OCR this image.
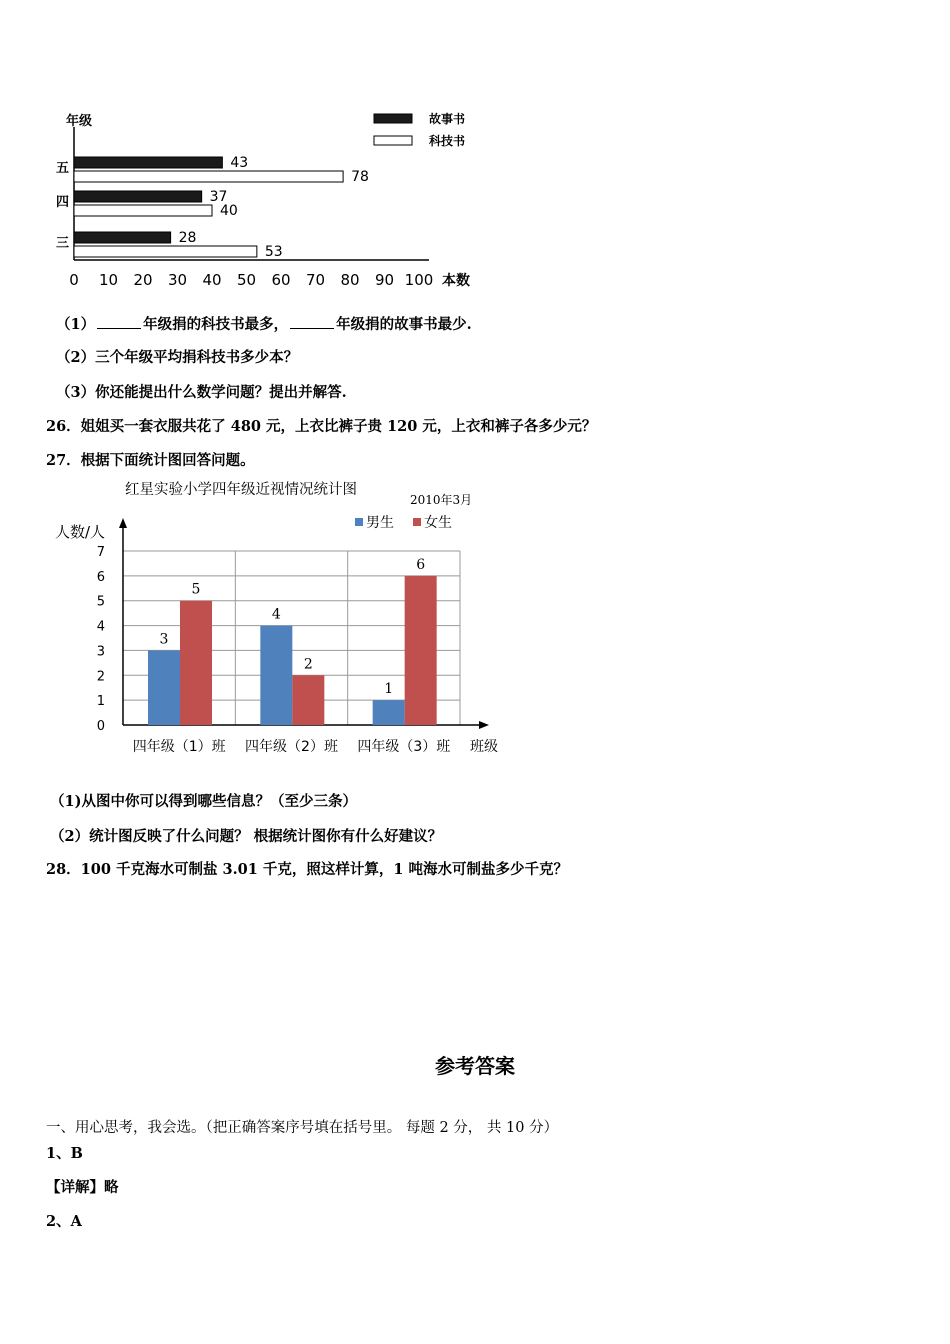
年级
本数
0 10 20 30 40 50 60 70 80 90 100
故事书
科技书
五	43
78
四	37
40
三	28
53
（1）	年级捐的科技书最多，	年级捐的故事书最少.
（2）三个年级平均捐科技书多少本？
（3）你还能提出什么数学问题？提出并解答.
26．姐姐买一套衣服共花了 480 元，上衣比裤子贵 120 元，上衣和裤子各多少元？
27．根据下面统计图回答问题。
红星实验小学四年级近视情况统计图
2010年3月
男生 女生
人数/人
0
1
2
3
4
5
6
7
3
5
四年级（1）班
4
2
四年级（2）班
1
6
四年级（3）班 班级
（1)从图中你可以得到哪些信息？（至少三条）
（2）统计图反映了什么问题？ 根据统计图你有什么好建议？
28．100 千克海水可制盐 3.01 千克，照这样计算，1 吨海水可制盐多少千克？
参考答案
一、用心思考，我会选。（把正确答案序号填在括号里。 每题 2 分， 共 10 分）
1、B
【详解】略
2、A
